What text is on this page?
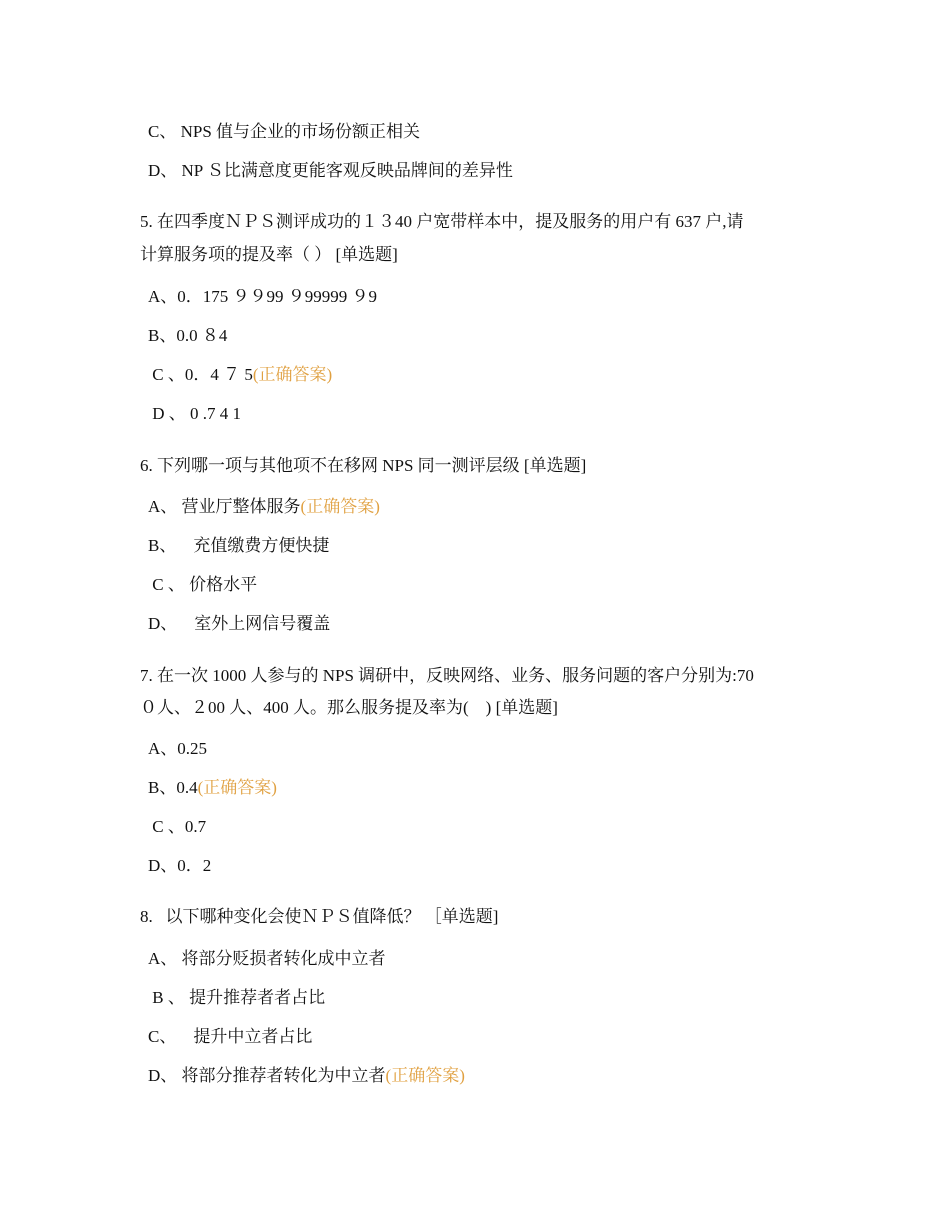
C、 NPS 值与企业的市场份额正相关
D、 NP Ｓ比满意度更能客观反映品牌间的差异性
5. 在四季度ＮＰＳ测评成功的１３40 户宽带样本中，提及服务的用户有 637 户,请
计算服务项的提及率（ ） [单选题]
A、0．175 ９９99 ９99999 ９9
B、0.0 ８4
C 、0．4 ７ 5(正确答案)
D 、 0 .7 4 1
6. 下列哪一项与其他项不在移网 NPS 同一测评层级 [单选题]
A、 营业厅整体服务(正确答案)
B、    充值缴费方便快捷
C 、 价格水平
D、    室外上网信号覆盖
7. 在一次 1000 人参与的 NPS 调研中，反映网络、业务、服务问题的客户分别为:70
０人、２00 人、400 人。那么服务提及率为(    ) [单选题]
A、0.25
B、0.4(正确答案)
C 、0.7
D、0．2
8.   以下哪种变化会使ＮＰＳ值降低？ ［单选题]
A、 将部分贬损者转化成中立者
B 、 提升推荐者者占比
C、    提升中立者占比
D、 将部分推荐者转化为中立者(正确答案)
